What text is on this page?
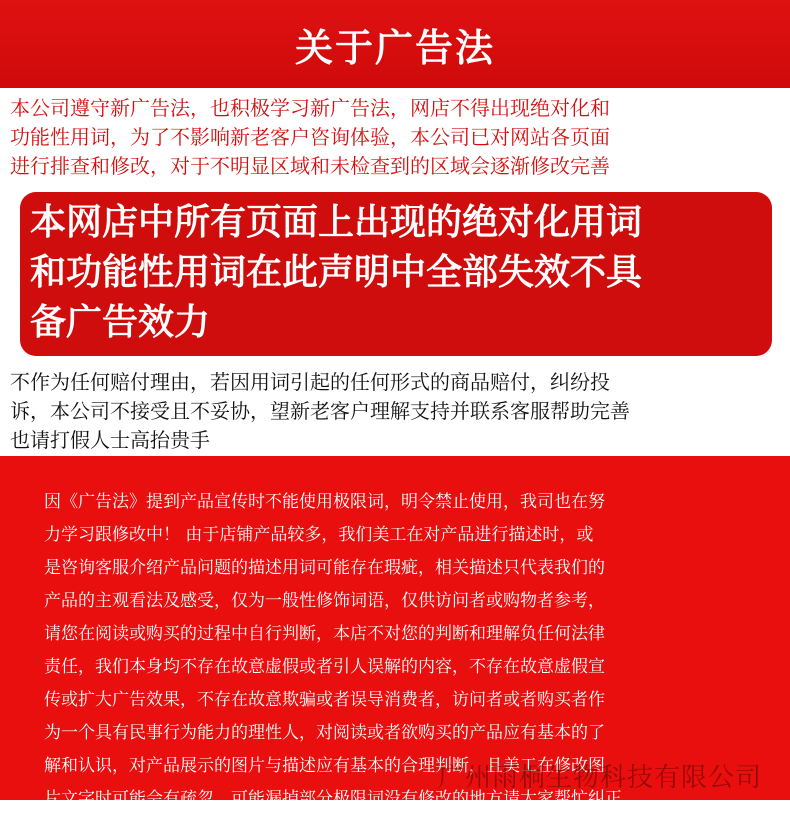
关于广告法
本公司遵守新广告法，也积极学习新广告法，网店不得出现绝对化和
功能性用词，为了不影响新老客户咨询体验，本公司已对网站各页面
进行排查和修改，对于不明显区域和未检查到的区域会逐渐修改完善
本网店中所有页面上出现的绝对化用词
和功能性用词在此声明中全部失效不具
备广告效力
不作为任何赔付理由，若因用词引起的任何形式的商品赔付，纠纷投
诉，本公司不接受且不妥协，望新老客户理解支持并联系客服帮助完善
也请打假人士高抬贵手
因《广告法》提到产品宣传时不能使用极限词，明令禁止使用，我司也在努
力学习跟修改中！ 由于店铺产品较多，我们美工在对产品进行描述时，或
是咨询客服介绍产品问题的描述用词可能存在瑕疵，相关描述只代表我们的
产品的主观看法及感受，仅为一般性修饰词语，仅供访问者或购物者参考，
请您在阅读或购买的过程中自行判断，本店不对您的判断和理解负任何法律
责任，我们本身均不存在故意虚假或者引人误解的内容，不存在故意虚假宣
传或扩大广告效果，不存在故意欺骗或者误导消费者，访问者或者购买者作
为一个具有民事行为能力的理性人，对阅读或者欲购买的产品应有基本的了
解和认识，对产品展示的图片与描述应有基本的合理判断，且美工在修改图
片文字时可能会有疏忽，可能漏掉部分极限词没有修改的地方请大家帮忙纠正
广州雨桐生物科技有限公司
